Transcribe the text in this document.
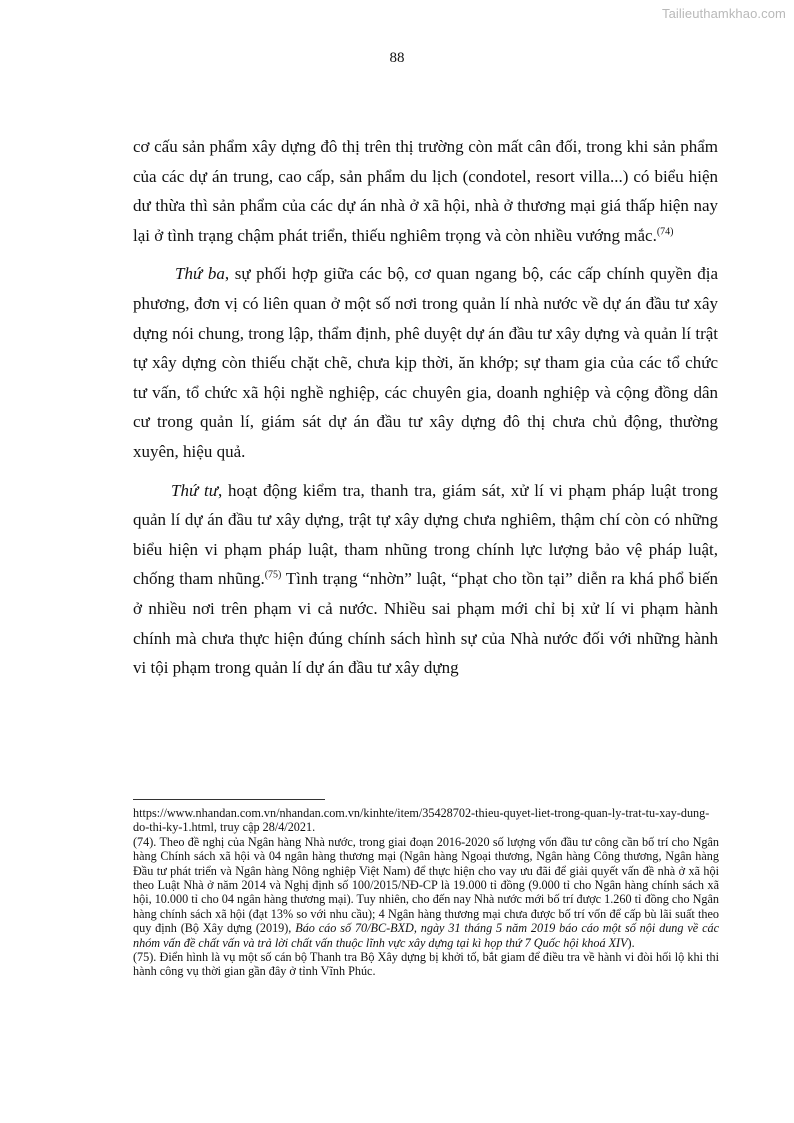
Tailieuthamkhao.com
88

cơ cấu sản phẩm xây dựng đô thị trên thị trường còn mất cân đối, trong khi sản phẩm của các dự án trung, cao cấp, sản phẩm du lịch (condotel, resort villa...) có biểu hiện dư thừa thì sản phẩm của các dự án nhà ở xã hội, nhà ở thương mại giá thấp hiện nay lại ở tình trạng chậm phát triển, thiếu nghiêm trọng và còn nhiều vướng mắc.$^{(74)}$

Thứ ba, sự phối hợp giữa các bộ, cơ quan ngang bộ, các cấp chính quyền địa phương, đơn vị có liên quan ở một số nơi trong quản lí nhà nước về dự án đầu tư xây dựng nói chung, trong lập, thẩm định, phê duyệt dự án đầu tư xây dựng và quản lí trật tự xây dựng còn thiếu chặt chẽ, chưa kịp thời, ăn khớp; sự tham gia của các tổ chức tư vấn, tổ chức xã hội nghề nghiệp, các chuyên gia, doanh nghiệp và cộng đồng dân cư trong quản lí, giám sát dự án đầu tư xây dựng đô thị chưa chủ động, thường xuyên, hiệu quả.

Thứ tư, hoạt động kiểm tra, thanh tra, giám sát, xử lí vi phạm pháp luật trong quản lí dự án đầu tư xây dựng, trật tự xây dựng chưa nghiêm, thậm chí còn có những biểu hiện vi phạm pháp luật, tham nhũng trong chính lực lượng bảo vệ pháp luật, chống tham nhũng.$^{(75)}$ Tình trạng “nhờn” luật, “phạt cho tồn tại” diễn ra khá phổ biến ở nhiều nơi trên phạm vi cả nước. Nhiều sai phạm mới chỉ bị xử lí vi phạm hành chính mà chưa thực hiện đúng chính sách hình sự của Nhà nước đối với những hành vi tội phạm trong quản lí dự án đầu tư xây dựng

https://www.nhandan.com.vn/nhandan.com.vn/kinhte/item/35428702-thieu-quyet-liet-trong-quan-ly-trat-tu-xay-dung-do-thi-ky-1.html, truy cập 28/4/2021.

(74). Theo đề nghị của Ngân hàng Nhà nước, trong giai đoạn 2016-2020 số lượng vốn đầu tư công cần bố trí cho Ngân hàng Chính sách xã hội và 04 ngân hàng thương mại (Ngân hàng Ngoại thương, Ngân hàng Công thương, Ngân hàng Đầu tư phát triển và Ngân hàng Nông nghiệp Việt Nam) để thực hiện cho vay ưu đãi để giải quyết vấn đề nhà ở xã hội theo Luật Nhà ở năm 2014 và Nghị định số 100/2015/NĐ-CP là 19.000 tỉ đồng (9.000 tỉ cho Ngân hàng chính sách xã hội, 10.000 tỉ cho 04 ngân hàng thương mại). Tuy nhiên, cho đến nay Nhà nước mới bố trí được 1.260 tỉ đồng cho Ngân hàng chính sách xã hội (đạt 13% so với nhu cầu); 4 Ngân hàng thương mại chưa được bố trí vốn để cấp bù lãi suất theo quy định (Bộ Xây dựng (2019), Báo cáo số 70/BC-BXD, ngày 31 tháng 5 năm 2019 báo cáo một số nội dung về các nhóm vấn đề chất vấn và trả lời chất vấn thuộc lĩnh vực xây dựng tại kì họp thứ 7 Quốc hội khoá XIV).

(75). Điển hình là vụ một số cán bộ Thanh tra Bộ Xây dựng bị khởi tố, bắt giam để điều tra về hành vi đòi hối lộ khi thi hành công vụ thời gian gần đây ở tỉnh Vĩnh Phúc.
